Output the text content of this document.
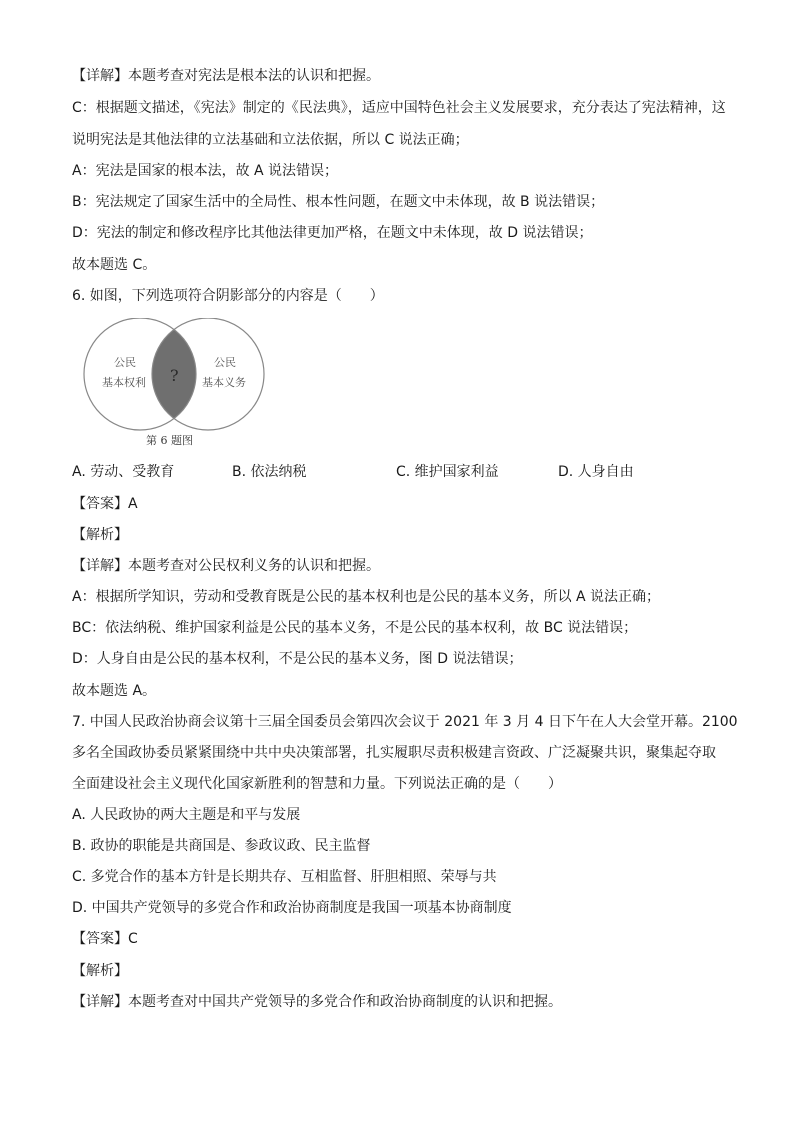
【详解】本题考查对宪法是根本法的认识和把握。
C：根据题文描述，《宪法》制定的《民法典》，适应中国特色社会主义发展要求，充分表达了宪法精神，这
说明宪法是其他法律的立法基础和立法依据，所以 C 说法正确；
A：宪法是国家的根本法，故 A 说法错误；
B：宪法规定了国家生活中的全局性、根本性问题，在题文中未体现，故 B 说法错误；
D：宪法的制定和修改程序比其他法律更加严格，在题文中未体现，故 D 说法错误；
故本题选 C。
6. 如图，下列选项符合阴影部分的内容是（　　）
公民
基本权利
公民
基本义务
?
第 6 题图
A. 劳动、受教育	B. 依法纳税	C. 维护国家利益	D. 人身自由
【答案】A
【解析】
【详解】本题考查对公民权利义务的认识和把握。
A：根据所学知识，劳动和受教育既是公民的基本权利也是公民的基本义务，所以 A 说法正确；
BC：依法纳税、维护国家利益是公民的基本义务，不是公民的基本权利，故 BC 说法错误；
D：人身自由是公民的基本权利，不是公民的基本义务，图 D 说法错误；
故本题选 A。
7. 中国人民政治协商会议第十三届全国委员会第四次会议于 2021 年 3 月 4 日下午在人大会堂开幕。2100
多名全国政协委员紧紧围绕中共中央决策部署，扎实履职尽责积极建言资政、广泛凝聚共识，聚集起夺取
全面建设社会主义现代化国家新胜利的智慧和力量。下列说法正确的是（　　）
A. 人民政协的两大主题是和平与发展
B. 政协的职能是共商国是、参政议政、民主监督
C. 多党合作的基本方针是长期共存、互相监督、肝胆相照、荣辱与共
D. 中国共产党领导的多党合作和政治协商制度是我国一项基本协商制度
【答案】C
【解析】
【详解】本题考查对中国共产党领导的多党合作和政治协商制度的认识和把握。
